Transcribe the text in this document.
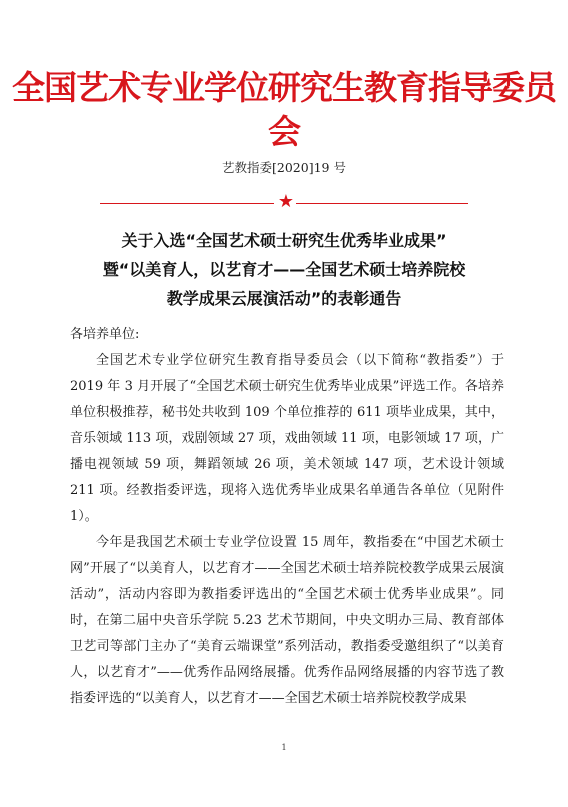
全国艺术专业学位研究生教育指导委员会
艺教指委[2020]19 号
★
关于入选“全国艺术硕士研究生优秀毕业成果”
暨“以美育人，以艺育才——全国艺术硕士培养院校
教学成果云展演活动”的表彰通告
各培养单位:
全国艺术专业学位研究生教育指导委员会（以下简称“教指委”）于 2019 年 3 月开展了“全国艺术硕士研究生优秀毕业成果”评选工作。各培养单位积极推荐，秘书处共收到 109 个单位推荐的 611 项毕业成果，其中，音乐领域 113 项，戏剧领域 27 项，戏曲领域 11 项，电影领域 17 项，广播电视领域 59 项，舞蹈领域 26 项，美术领域 147 项，艺术设计领域 211 项。经教指委评选，现将入选优秀毕业成果名单通告各单位（见附件 1）。
今年是我国艺术硕士专业学位设置 15 周年，教指委在“中国艺术硕士网”开展了“以美育人，以艺育才——全国艺术硕士培养院校教学成果云展演活动”，活动内容即为教指委评选出的“全国艺术硕士优秀毕业成果”。同时，在第二届中央音乐学院 5.23 艺术节期间，中央文明办三局、教育部体卫艺司等部门主办了“美育云端课堂”系列活动，教指委受邀组织了“以美育人，以艺育才”——优秀作品网络展播。优秀作品网络展播的内容节选了教指委评选的“以美育人，以艺育才——全国艺术硕士培养院校教学成果
1
